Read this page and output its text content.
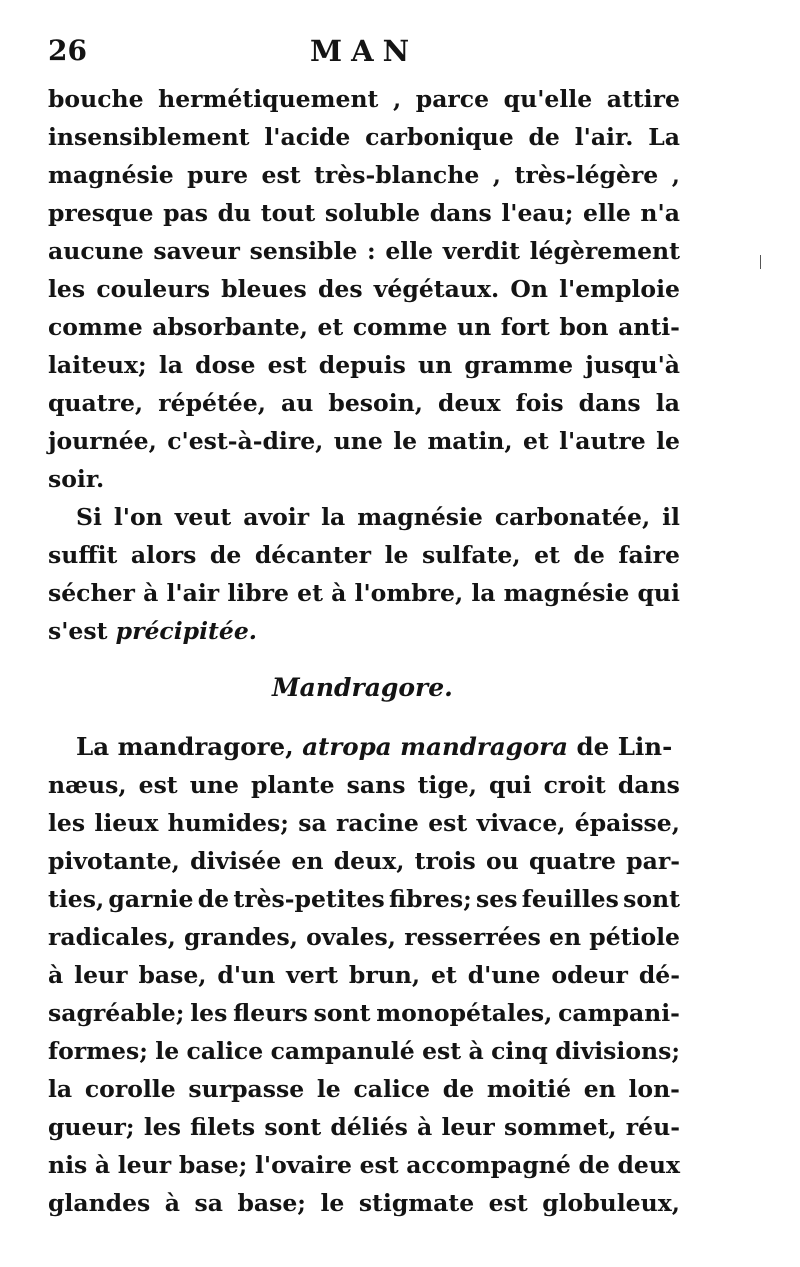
26	MAN
bouche hermétiquement , parce qu'elle attire
insensiblement l'acide carbonique de l'air. La
magnésie pure est très-blanche , très-légère ,
presque pas du tout soluble dans l'eau; elle n'a
aucune saveur sensible : elle verdit légèrement
les couleurs bleues des végétaux. On l'emploie
comme absorbante, et comme un fort bon anti-
laiteux; la dose est depuis un gramme jusqu'à
quatre, répétée, au besoin, deux fois dans la
journée, c'est-à-dire, une le matin, et l'autre le
soir.
Si l'on veut avoir la magnésie carbonatée, il
suffit alors de décanter le sulfate, et de faire
sécher à l'air libre et à l'ombre, la magnésie qui
s'est précipitée.
Mandragore.
La mandragore, atropa mandragora de Lin-
næus, est une plante sans tige, qui croit dans
les lieux humides; sa racine est vivace, épaisse,
pivotante, divisée en deux, trois ou quatre par-
ties, garnie de très-petites fibres; ses feuilles sont
radicales, grandes, ovales, resserrées en pétiole
à leur base, d'un vert brun, et d'une odeur dé-
sagréable; les fleurs sont monopétales, campani-
formes; le calice campanulé est à cinq divisions;
la corolle surpasse le calice de moitié en lon-
gueur; les filets sont déliés à leur sommet, réu-
nis à leur base; l'ovaire est accompagné de deux
glandes à sa base; le stigmate est globuleux,
